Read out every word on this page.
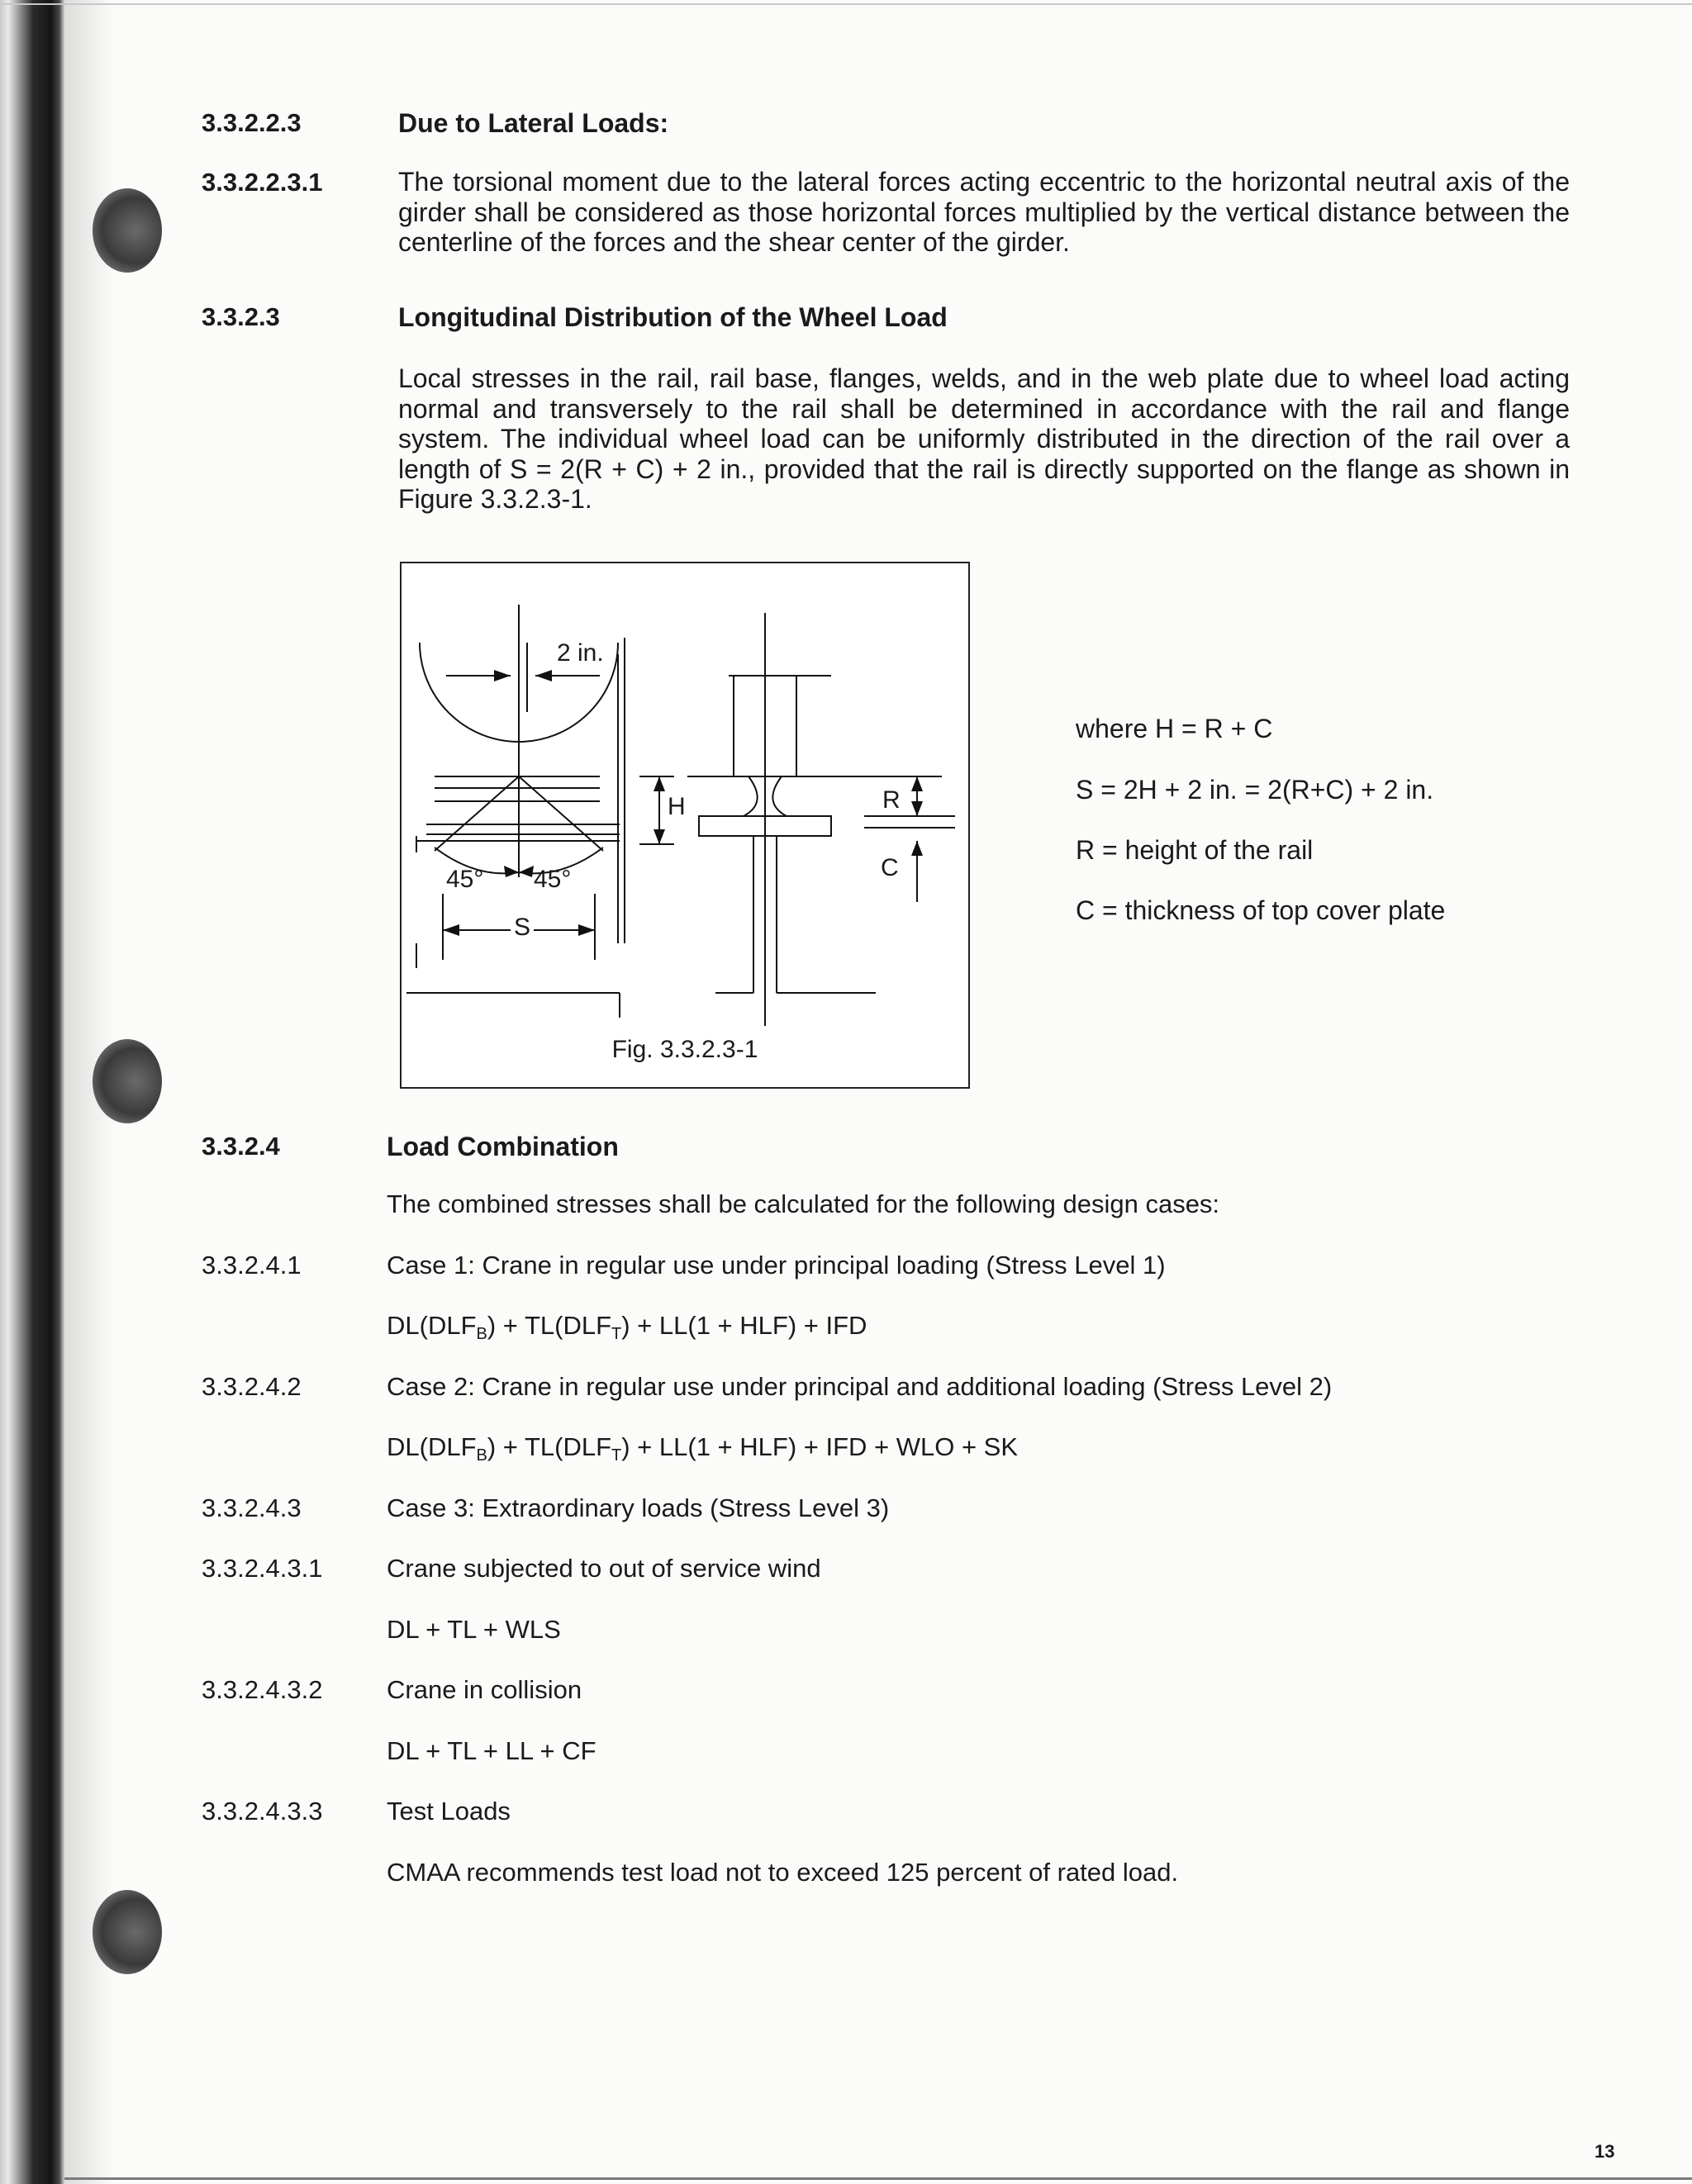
3.3.2.2.3	Due to Lateral Loads:
3.3.2.2.3.1	The torsional moment due to the lateral forces acting eccentric to the horizontal neutral axis of the girder shall be considered as those horizontal forces multiplied by the vertical distance between the centerline of the forces and the shear center of the girder.

3.3.2.3	Longitudinal Distribution of the Wheel Load

Local stresses in the rail, rail base, flanges, welds, and in the web plate due to wheel load acting normal and transversely to the rail shall be determined in accordance with the rail and flange system. The individual wheel load can be uniformly distributed in the direction of the rail over a length of S = 2(R + C) + 2 in., provided that the rail is directly supported on the flange as shown in Figure 3.3.2.3-1.

2 in.
H	R
C
45° 45°
S
Fig. 3.3.2.3-1
where H = R + C
S = 2H + 2 in. = 2(R+C) + 2 in.
R = height of the rail
C = thickness of top cover plate
3.3.2.4	Load Combination
The combined stresses shall be calculated for the following design cases:
3.3.2.4.1	Case 1: Crane in regular use under principal loading (Stress Level 1)
$DL(DLF_B) + TL(DLF_T) + LL(1 + HLF)$ + IFD
3.3.2.4.2	Case 2: Crane in regular use under principal and additional loading (Stress Level 2)
$DL(DLF_B) + TL(DLF_T) + LL(1 + HLF)$ + IFD + WLO + SK
3.3.2.4.3	Case 3: Extraordinary loads (Stress Level 3)
3.3.2.4.3.1 Crane subjected to out of service wind
DL + TL + WLS
3.3.2.4.3.2 Crane in collision
DL + TL + LL + CF
3.3.2.4.3.3 Test Loads
CMAA recommends test load not to exceed 125 percent of rated load.
13
